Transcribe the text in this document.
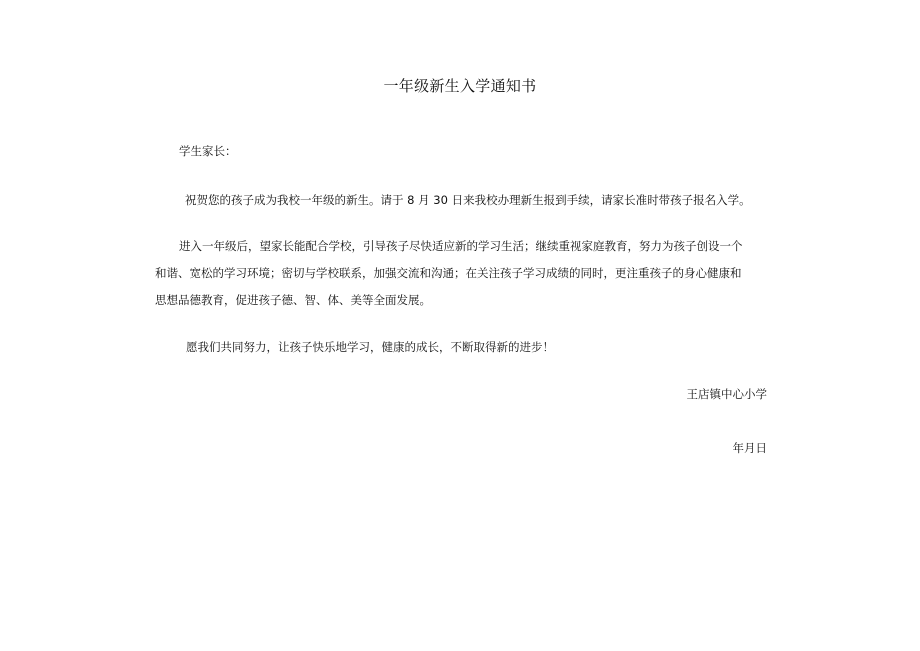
一年级新生入学通知书
学生家长：
祝贺您的孩子成为我校一年级的新生。请于 8 月 30 日来我校办理新生报到手续，请家长准时带孩子报名入学。
进入一年级后，望家长能配合学校，引导孩子尽快适应新的学习生活；继续重视家庭教育，努力为孩子创设一个
和谐、宽松的学习环境；密切与学校联系，加强交流和沟通；在关注孩子学习成绩的同时，更注重孩子的身心健康和
思想品德教育，促进孩子德、智、体、美等全面发展。
愿我们共同努力，让孩子快乐地学习，健康的成长，不断取得新的进步！
王店镇中心小学
年月日
